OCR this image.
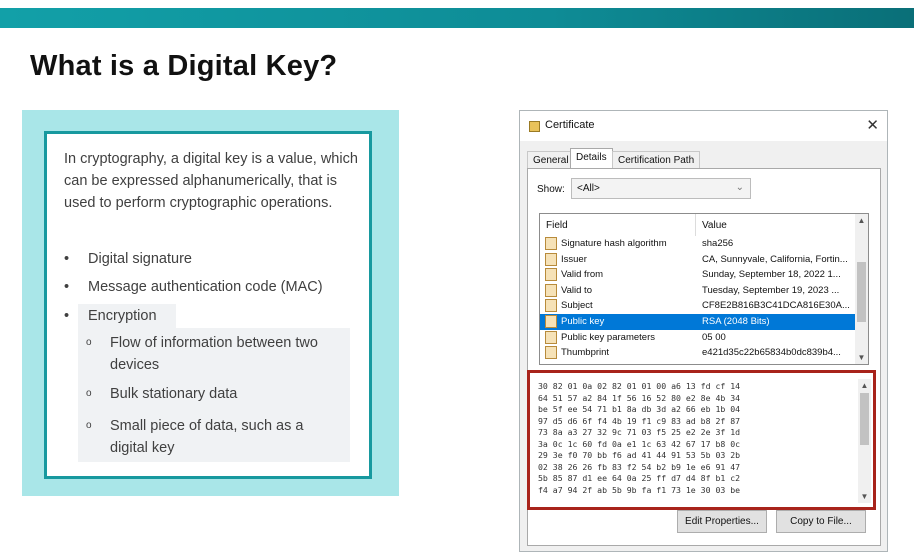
What is a Digital Key?
In cryptography, a digital key is a value, which can be expressed alphanumerically, that is used to perform cryptographic operations.
• Digital signature
• Message authentication code (MAC)
• Encryption
o Flow of information between two devices
o Bulk stationary data
o Small piece of data, such as a digital key
Certificate	✕
General Details	Certification Path
Show:	<All>	⌄
Field	Value
Signature hash algorithm	sha256
Issuer	CA, Sunnyvale, California, Fortin...
Valid from	Sunday, September 18, 2022 1...
Valid to	Tuesday, September 19, 2023 ...
Subject	CF8E2B816B3C41DCA816E30A...
Public key	RSA (2048 Bits)
Public key parameters	05 00
Thumbprint	e421d35c22b65834b0dc839b4...
▲
▼
30 82 01 0a 02 82 01 01 00 a6 13 fd cf 14
64 51 57 a2 84 1f 56 16 52 80 e2 8e 4b 34
be 5f ee 54 71 b1 8a db 3d a2 66 eb 1b 04
97 d5 d6 6f f4 4b 19 f1 c9 83 ad b8 2f 87
73 8a a3 27 32 9c 71 03 f5 25 e2 2e 3f 1d
3a 0c 1c 60 fd 0a e1 1c 63 42 67 17 b8 0c
29 3e f0 70 bb f6 ad 41 44 91 53 5b 03 2b
02 38 26 26 fb 83 f2 54 b2 b9 1e e6 91 47
5b 85 87 d1 ee 64 0a 25 ff d7 d4 8f b1 c2
f4 a7 94 2f ab 5b 9b fa f1 73 1e 30 03 be
▲
▼
Edit Properties...	Copy to File...
